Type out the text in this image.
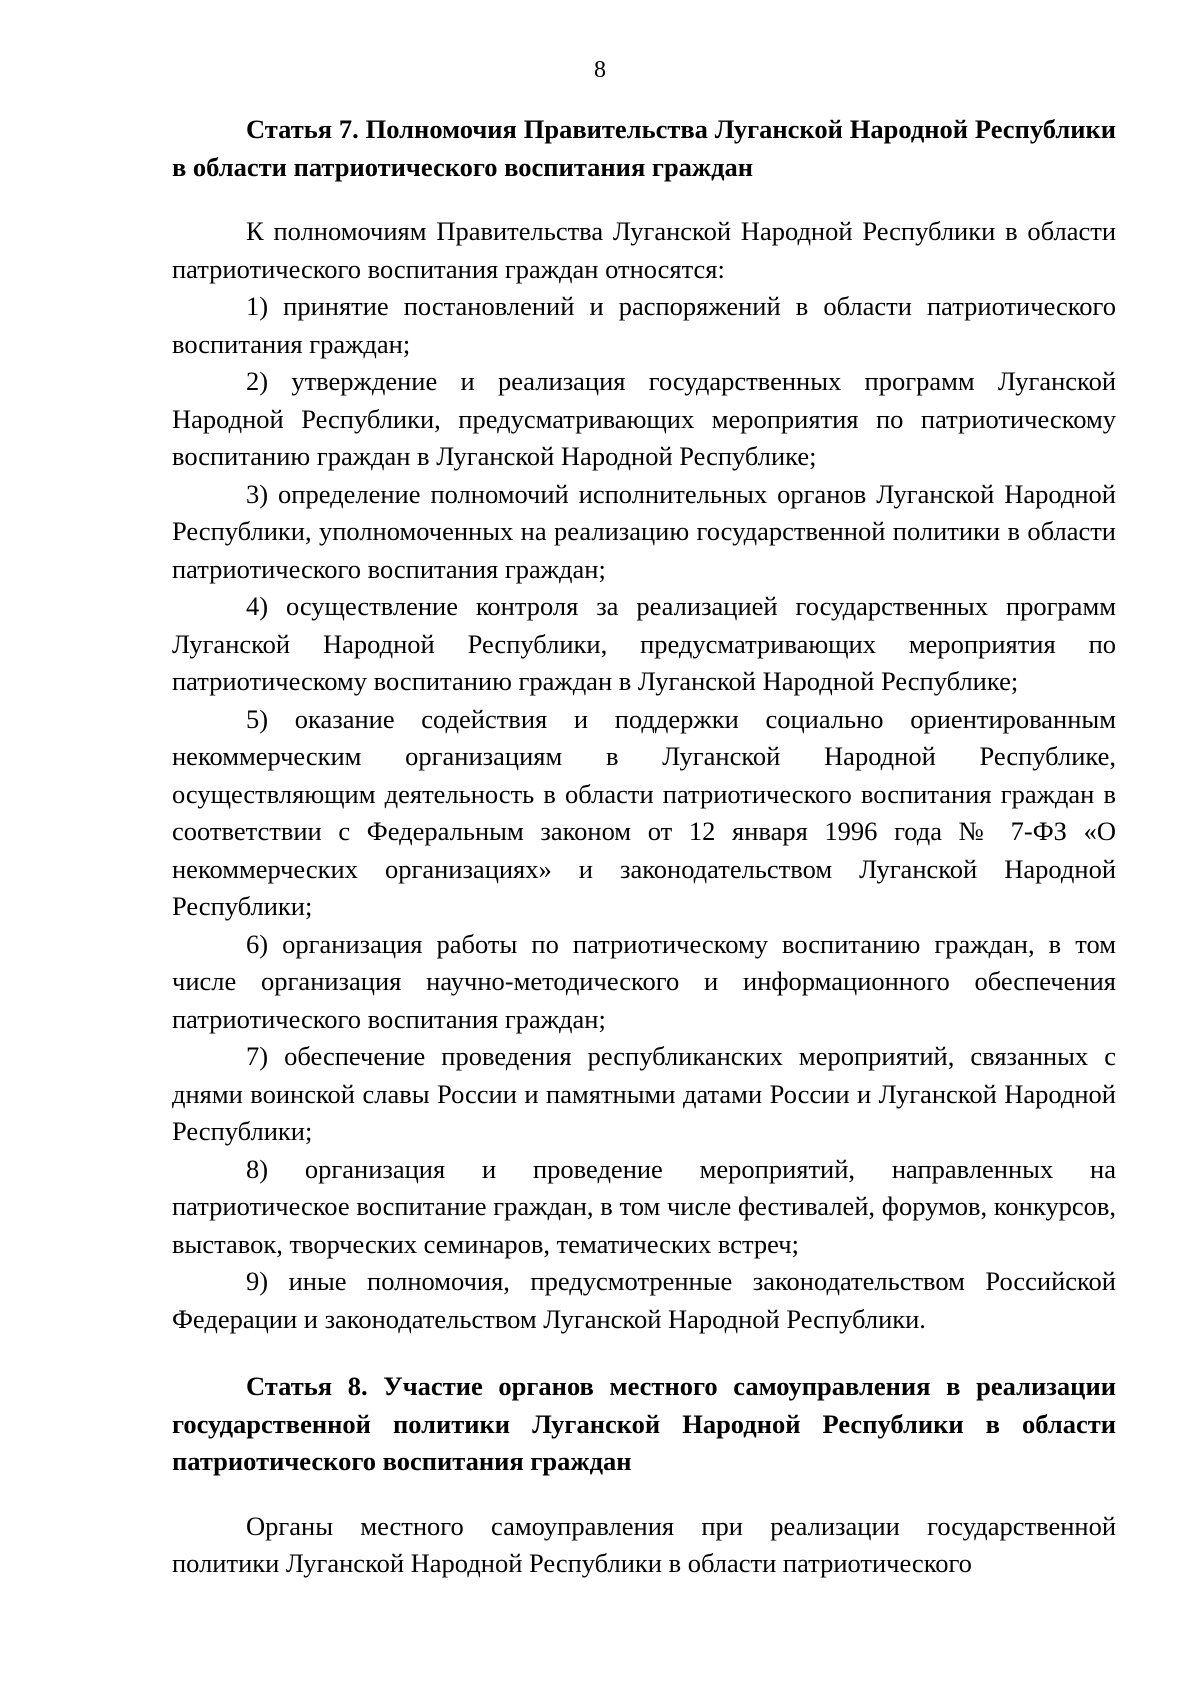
8

Статья 7. Полномочия Правительства Луганской Народной Республики в области патриотического воспитания граждан

К полномочиям Правительства Луганской Народной Республики в области патриотического воспитания граждан относятся:

1) принятие постановлений и распоряжений в области патриотического воспитания граждан;

2) утверждение и реализация государственных программ Луганской Народной Республики, предусматривающих мероприятия по патриотическому воспитанию граждан в Луганской Народной Республике;

3) определение полномочий исполнительных органов Луганской Народной Республики, уполномоченных на реализацию государственной политики в области патриотического воспитания граждан;

4) осуществление контроля за реализацией государственных программ Луганской Народной Республики, предусматривающих мероприятия по патриотическому воспитанию граждан в Луганской Народной Республике;

5) оказание содействия и поддержки социально ориентированным некоммерческим организациям в Луганской Народной Республике, осуществляющим деятельность в области патриотического воспитания граждан в соответствии с Федеральным законом от 12 января 1996 года № 7-ФЗ «О некоммерческих организациях» и законодательством Луганской Народной Республики;

6) организация работы по патриотическому воспитанию граждан, в том числе организация научно-методического и информационного обеспечения патриотического воспитания граждан;

7) обеспечение проведения республиканских мероприятий, связанных с днями воинской славы России и памятными датами России и Луганской Народной Республики;

8) организация и проведение мероприятий, направленных на патриотическое воспитание граждан, в том числе фестивалей, форумов, конкурсов, выставок, творческих семинаров, тематических встреч;

9) иные полномочия, предусмотренные законодательством Российской Федерации и законодательством Луганской Народной Республики.

Статья 8. Участие органов местного самоуправления в реализации государственной политики Луганской Народной Республики в области патриотического воспитания граждан

Органы местного самоуправления при реализации государственной политики Луганской Народной Республики в области патриотического
